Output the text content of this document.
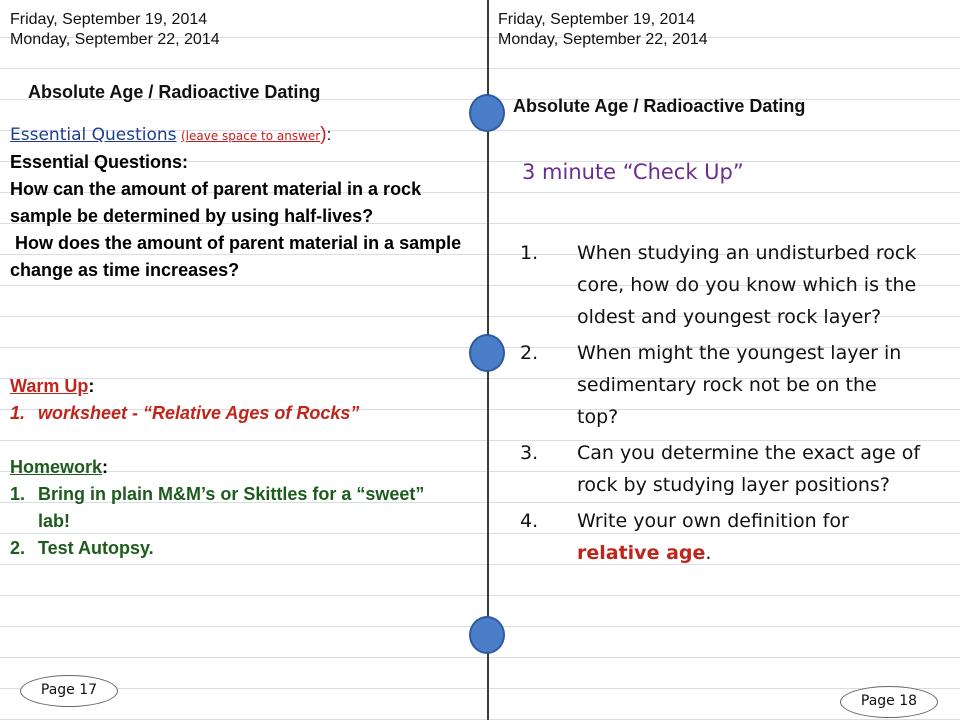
Friday, September 19, 2014
Monday, September 22, 2014
Absolute Age / Radioactive Dating
Essential Questions (leave space to answer):
Essential Questions:
How can the amount of parent material in a rock sample be determined by using half-lives?
How does the amount of parent material in a sample change as time increases?
Warm Up:
1. worksheet - “Relative Ages of Rocks”
Homework:
1. Bring in plain M&M’s or Skittles for a “sweet” lab!
2. Test Autopsy.
Page 17
Friday, September 19, 2014
Monday, September 22, 2014
Absolute Age / Radioactive Dating
3 minute “Check Up”
1. When studying an undisturbed rock core, how do you know which is the oldest and youngest rock layer?
2. When might the youngest layer in sedimentary rock not be on the top?
3. Can you determine the exact age of rock by studying layer positions?
4. Write your own definition for relative age.
Page 18
